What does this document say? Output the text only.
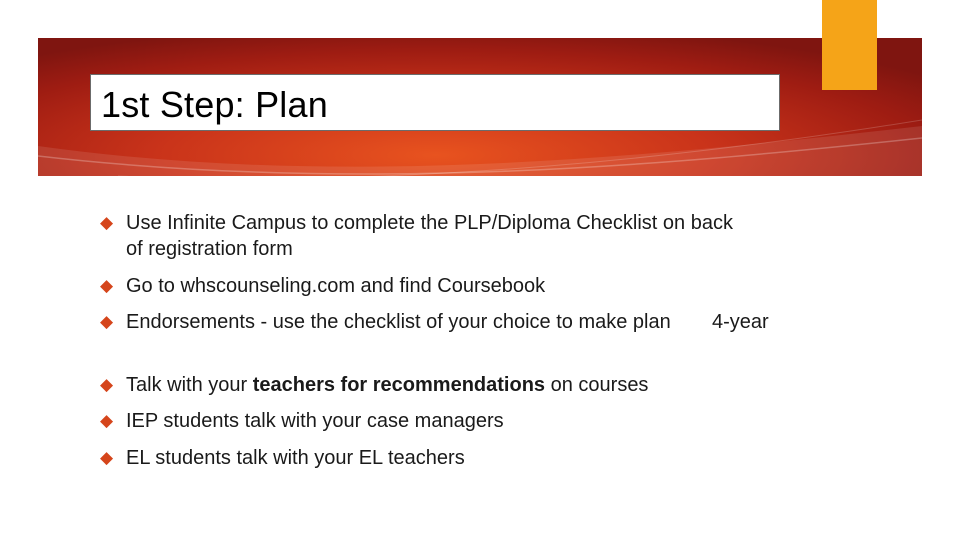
1st Step: Plan
◆ Use Infinite Campus to complete the PLP/Diploma Checklist on back of registration form
◆ Go to whscounseling.com and find Coursebook
◆ Endorsements - use the checklist of your choice to make plan
◆ Talk with your teachers for recommendations on courses
◆ IEP students talk with your case managers
◆ EL students talk with your EL teachers
4-year
